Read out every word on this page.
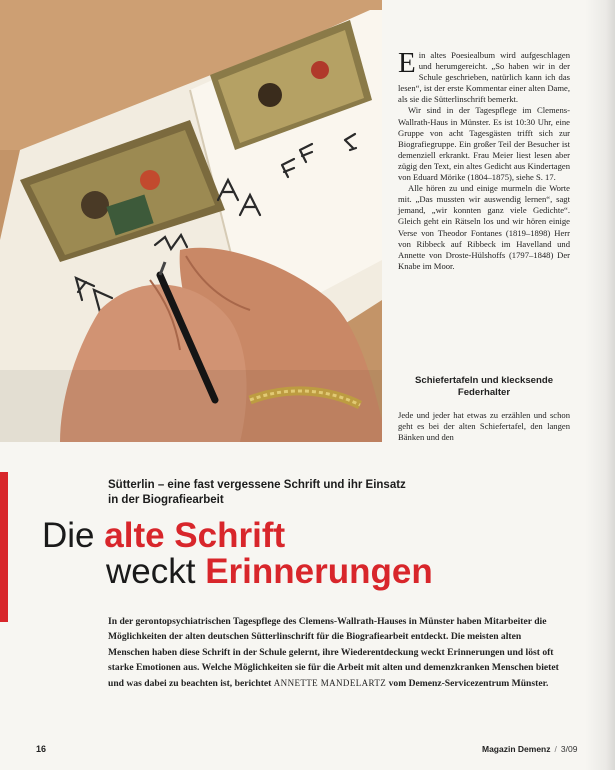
Ein altes Poesiealbum wird aufgeschlagen und herumgereicht. „So haben wir in der Schule geschrieben, natürlich kann ich das lesen“, ist der erste Kommentar einer alten Dame, als sie die Sütterlinschrift bemerkt.

Wir sind in der Tagespflege im Clemens-Wallrath-Haus in Münster. Es ist 10:30 Uhr, eine Gruppe von acht Tagesgästen trifft sich zur Biografiegruppe. Ein großer Teil der Besucher ist demenziell erkrankt. Frau Meier liest lesen aber zügig den Text, ein altes Gedicht aus Kindertagen von Eduard Mörike (1804–1875), siehe S. 17.

Alle hören zu und einige murmeln die Worte mit. „Das mussten wir auswendig lernen“, sagt jemand, „wir konnten ganz viele Gedichte“. Gleich geht ein Rätseln los und wir hören einige Verse von Theodor Fontanes (1819–1898) Herr von Ribbeck auf Ribbeck im Havelland und Annette von Droste-Hülshoffs (1797–1848) Der Knabe im Moor.

Schiefertafeln und klecksende Federhalter

Jede und jeder hat etwas zu erzählen und schon geht es bei der alten Schiefertafel, den langen Bänken und den

Sütterlin – eine fast vergessene Schrift und ihr Einsatz in der Biografiearbeit
Die alte Schrift
weckt Erinnerungen
In der gerontopsychiatrischen Tagespflege des Clemens-Wallrath-Hauses in Münster haben Mitarbeiter die Möglichkeiten der alten deutschen Sütterlinschrift für die Biografiearbeit entdeckt. Die meisten alten Menschen haben diese Schrift in der Schule gelernt, ihre Wiederentdeckung weckt Erinnerungen und löst oft starke Emotionen aus. Welche Möglichkeiten sie für die Arbeit mit alten und demenzkranken Menschen bietet und was dabei zu beachten ist, berichtet ANNETTE MANDELARTZ vom Demenz-Servicezentrum Münster.
16	Magazin Demenz / 3/09
